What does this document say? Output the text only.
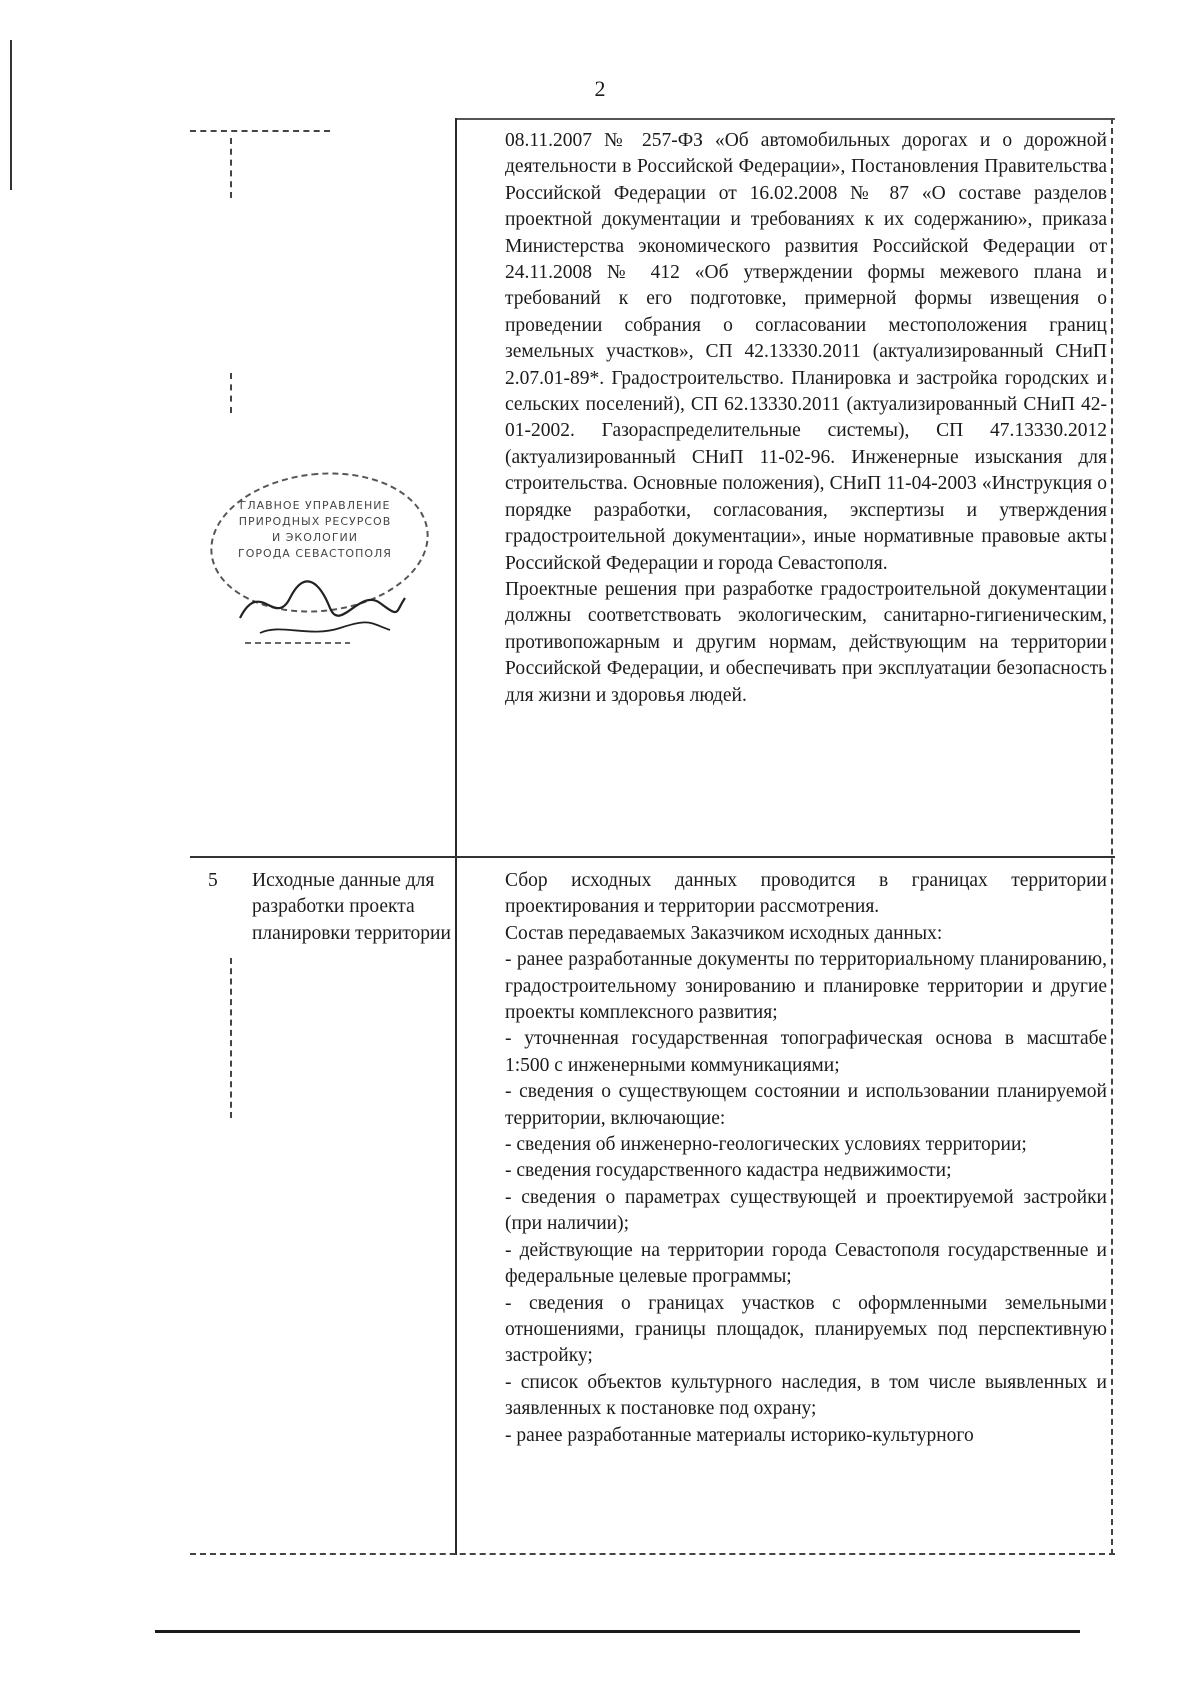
2
ГЛАВНОЕ УПРАВЛЕНИЕ
ПРИРОДНЫХ РЕСУРСОВ
И ЭКОЛОГИИ
ГОРОДА СЕВАСТОПОЛЯ

08.11.2007 № 257-ФЗ «Об автомобильных дорогах и о дорожной деятельности в Российской Федерации», Постановления Правительства Российской Федерации от 16.02.2008 № 87 «О составе разделов проектной документации и требованиях к их содержанию», приказа Министерства экономического развития Российской Федерации от 24.11.2008 № 412 «Об утверждении формы межевого плана и требований к его подготовке, примерной формы извещения о проведении собрания о согласовании местоположения границ земельных участков», СП 42.13330.2011 (актуализированный СНиП 2.07.01-89*. Градостроительство. Планировка и застройка городских и сельских поселений), СП 62.13330.2011 (актуализированный СНиП 42-01-2002. Газораспределительные системы), СП 47.13330.2012 (актуализированный СНиП 11-02-96. Инженерные изыскания для строительства. Основные положения), СНиП 11-04-2003 «Инструкция о порядке разработки, согласования, экспертизы и утверждения градостроительной документации», иные нормативные правовые акты Российской Федерации и города Севастополя.

Проектные решения при разработке градостроительной документации должны соответствовать экологическим, санитарно-гигиеническим, противопожарным и другим нормам, действующим на территории Российской Федерации, и обеспечивать при эксплуатации безопасность для жизни и здоровья людей.

5 Исходные данные для разработки проекта планировки территории

Сбор исходных данных проводится в границах территории проектирования и территории рассмотрения.

Состав передаваемых Заказчиком исходных данных:

- ранее разработанные документы по территориальному планированию, градостроительному зонированию и планировке территории и другие проекты комплексного развития;

- уточненная государственная топографическая основа в масштабе 1:500 с инженерными коммуникациями;

- сведения о существующем состоянии и использовании планируемой территории, включающие:

- сведения об инженерно-геологических условиях территории;

- сведения государственного кадастра недвижимости;

- сведения о параметрах существующей и проектируемой застройки (при наличии);

- действующие на территории города Севастополя государственные и федеральные целевые программы;

- сведения о границах участков с оформленными земельными отношениями, границы площадок, планируемых под перспективную застройку;

- список объектов культурного наследия, в том числе выявленных и заявленных к постановке под охрану;

- ранее разработанные материалы историко-культурного
